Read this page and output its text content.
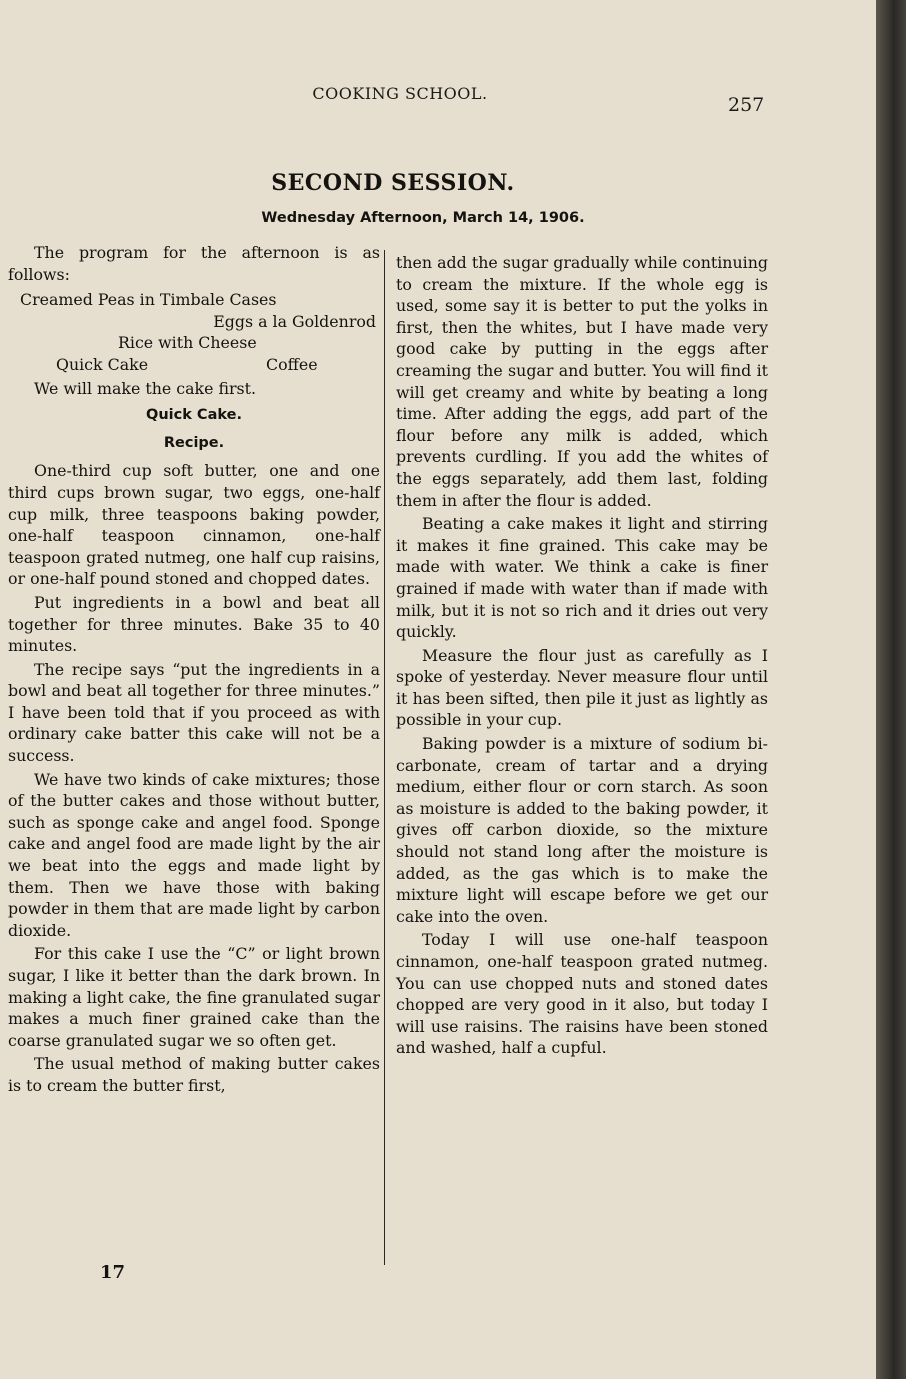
COOKING SCHOOL.
257
SECOND SESSION.
Wednesday Afternoon, March 14, 1906.

The program for the afternoon is as follows:

Creamed Peas in Timbale Cases
Eggs a la Goldenrod
Rice with Cheese
Quick Cake	Coffee

We will make the cake first.

Quick Cake.
Recipe.

One-third cup soft butter, one and one third cups brown sugar, two eggs, one-half cup milk, three teaspoons baking powder, one-half teaspoon cinnamon, one-half teaspoon grated nutmeg, one half cup raisins, or one-half pound stoned and chopped dates.

Put ingredients in a bowl and beat all together for three minutes. Bake 35 to 40 minutes.

The recipe says “put the ingredients in a bowl and beat all together for three minutes.” I have been told that if you proceed as with ordinary cake batter this cake will not be a success.

We have two kinds of cake mixtures; those of the butter cakes and those without butter, such as sponge cake and angel food. Sponge cake and angel food are made light by the air we beat into the eggs and made light by them. Then we have those with baking powder in them that are made light by carbon dioxide.

For this cake I use the “C” or light brown sugar, I like it better than the dark brown. In making a light cake, the fine granulated sugar makes a much finer grained cake than the coarse granulated sugar we so often get.

The usual method of making butter cakes is to cream the butter first,

then add the sugar gradually while continuing to cream the mixture. If the whole egg is used, some say it is better to put the yolks in first, then the whites, but I have made very good cake by putting in the eggs after creaming the sugar and butter. You will find it will get creamy and white by beating a long time. After adding the eggs, add part of the flour before any milk is added, which prevents curdling. If you add the whites of the eggs separately, add them last, folding them in after the flour is added.

Beating a cake makes it light and stirring it makes it fine grained. This cake may be made with water. We think a cake is finer grained if made with water than if made with milk, but it is not so rich and it dries out very quickly.

Measure the flour just as carefully as I spoke of yesterday. Never measure flour until it has been sifted, then pile it just as lightly as possible in your cup.

Baking powder is a mixture of sodium bi-carbonate, cream of tartar and a drying medium, either flour or corn starch. As soon as moisture is added to the baking powder, it gives off carbon dioxide, so the mixture should not stand long after the moisture is added, as the gas which is to make the mixture light will escape before we get our cake into the oven.

Today I will use one-half teaspoon cinnamon, one-half teaspoon grated nutmeg. You can use chopped nuts and stoned dates chopped are very good in it also, but today I will use raisins. The raisins have been stoned and washed, half a cupful.

17
